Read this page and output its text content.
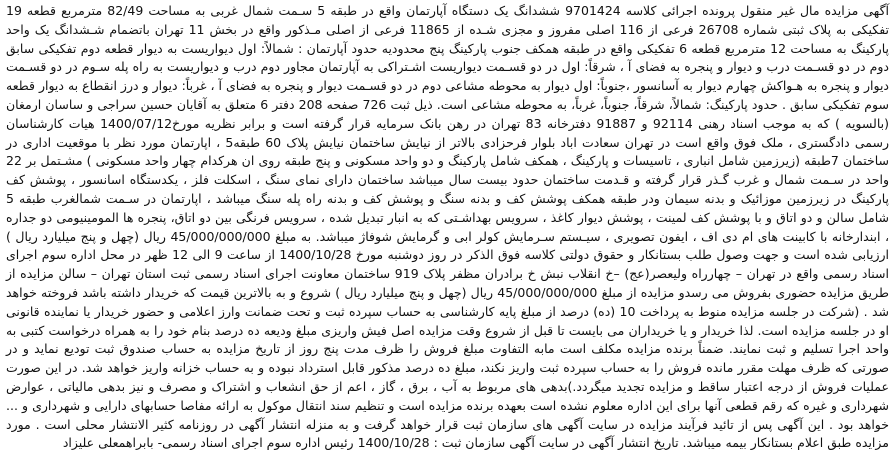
آگهی مزایده مال غیر منقول پرونده اجرائی کلاسه 9701424 ششدانگ یک دستگاه آپارتمان واقع در طبقه 5 سـمت شمال غربی به مساحت 82/49 مترمربع قطعه 19 تفکیکی به پلاک ثبتی شماره 26708 فرعی از 116 اصلی مفروز و مجزی شـده از 11865 فرعی از اصلی مـذکور واقع در بخش 11 تهران باتضمام شـشدانگ یک واحد پارکینگ به مساحت 12 مترمربع قطعه 6 تفکیکی واقع در طبقه همکف جنوب پارکینگ پنج محدودیه حدود آپارتمان : شمالاً: اول دیواریست به دیوار قطعه دوم تفکیکی سابق دوم در دو قسـمت درب و دیوار و پنجره به فضای آ ، شرقاً: اول در دو قسـمت دیواریست اشـتراکی به آپارتمان مجاور دوم درب و دیواریست به راه پله سـوم در دو قسـمت دیوار و پنجره به هـواکش چهارم دیوار به آسانسور ،جنوباً: اول دیوار به محوطه مشاعی دوم در دو قسـمت دیوار و پنجره به فضای آ ، غرباً: دیوار و درز انقطاع به دیوار قطعه سوم تفکیکی سابق . حدود پارکینگ: شمالاً، شرقاً، جنوباً، غرباً، به محوطه مشاعی است. ذیل ثبت 726 صفحه 208 دفتر 6 متعلق به آقایان حسین سراجی و ساسان ارمغان (بالسویه ) که به موجب اسناد رهنی 92114 و 91887 دفترخانه 83 تهران در رهن بانک سرمایه قرار گرفته است و برابر نظریه مورخ1400/07/12 هیات کارشناسان رسمی دادگستری ، ملک فوق واقع است در تهران سعادت اباد بلوار فرحزادی بالاتر از نیایش ساختمان نیایش پلاک 60 طبقه5 ، اپارتمان مورد نظر با موقعیت اداری در ساختمان 7طبقه (زیرزمین شامل انباری ، تاسیسات و پارکینگ ، همکف شامل پارکینگ و دو واحد مسکونی و پنج طبقه روی ان هرکدام چهار واحد مسکونی ) مشـتمل بر 22 واحد در سـمت شمال و غرب گـذر قرار گرفته و قـدمت ساختمان حدود بیست سال میباشد ساختمان دارای نمای سنگ ، اسکلت فلز ، یکدستگاه اسانسور ، پوشش کف پارکینگ در زیرزمین موزائیک و بدنه سیمان ودر طبقه همکف پوشش کف و بدنه سنگ و پوشش کف و بدنه راه پله سنگ میباشد ، اپارتمان در سـمت شمالغرب طبقه 5 شامل سالن و دو اتاق و با پوشش کف لمینت ، پوشش دیوار کاغذ ، سرویس بهداشـتی که به انبار تبدیل شده ، سرویس فرنگی بین دو اتاق، پنجره ها المومینیومی دو جداره ، ابندارخانه با کابینت های ام دی اف ، ایفون تصویری ، سیـستم سـرمایش کولر ابی و گرمایش شوفاژ میباشد. به مبلغ 45/000/000/000 ریال (چهل و پنج میلیارد ریال ) ارزیابی شده است و جهت وصول طلب بستانکار و حقوق دولتی کلاسه فوق الذکر در روز دوشنبه مورخ 1400/10/28 از ساعت 9 الی 12 ظهر در محل اداره سوم اجرای اسناد رسمی واقع در تهران – چهارراه ولیعصر(عج) –خ انقلاب نبش خ برادران مظفر پلاک 919 ساختمان معاونت اجرای اسناد رسمی ثبت استان تهران – سالن مزایده از طریق مزایده حضوری بفروش می رسدو مزایده از مبلغ 45/000/000/000 ریال (چهل و پنج میلیارد ریال ) شروع و به بالاترین قیمت که خریدار داشته باشد فروخته خواهد شد . (شرکت در جلسه مزایده منوط به پرداخت 10 (ده) درصد از مبلغ پایه کارشناسی به حساب سپرده ثبت و تحت ضمانت وارز اعلامی و حضور خریدار یا نماینده قانونی او در جلسه مزایده است. لذا خریدار و یا خریداران می بایست تا قبل از شروع وقت مزایده اصل فیش واریزی مبلغ ودیعه ده درصد بنام خود را به همراه درخواست کتبی به واحد اجرا تسلیم و ثبت نمایند. ضمناً برنده مزایده مکلف است مابه التفاوت مبلغ فروش را ظرف مدت پنج روز از تاریخ مزایده به حساب صندوق ثبت تودیع نماید و در صورتی که ظرف مهلت مقرر مانده فروش را به حساب سپرده ثبت واریز نکند، مبلغ ده درصد مذکور قابل استرداد نبوده و به حساب خزانه واریز خواهد شد. در این صورت عملیات فروش از درجه اعتبار ساقط و مزایده تجدید میگردد.)بدهی های مربوط به آب ، برق ، گاز ، اعم از حق انشعاب و اشتراک و مصرف و نیز بدهی مالیاتی ، عوارض شهرداری و غیره که رقم قطعی آنها برای این اداره معلوم نشده است بعهده برنده مزایده است و تنظیم سند انتقال موکول به ارائه مفاصا حسابهای دارایی و شهرداری و ... خواهد بود . این آگهی پس از تائید فرآیند مزایده در سایت آگهی های سازمان ثبت قرار خواهد گرفت و به منزله انتشار آگهی در روزنامه کثیر الانتشار محلی است . مورد مزایده طبق اعلام بستانکار بیمه میباشد. تاریخ انتشار آگهی در سایت آگهی سازمان ثبت : 1400/10/28 رئیس اداره سوم اجرای اسناد رسمی- بابراهمعلی علیزاد
